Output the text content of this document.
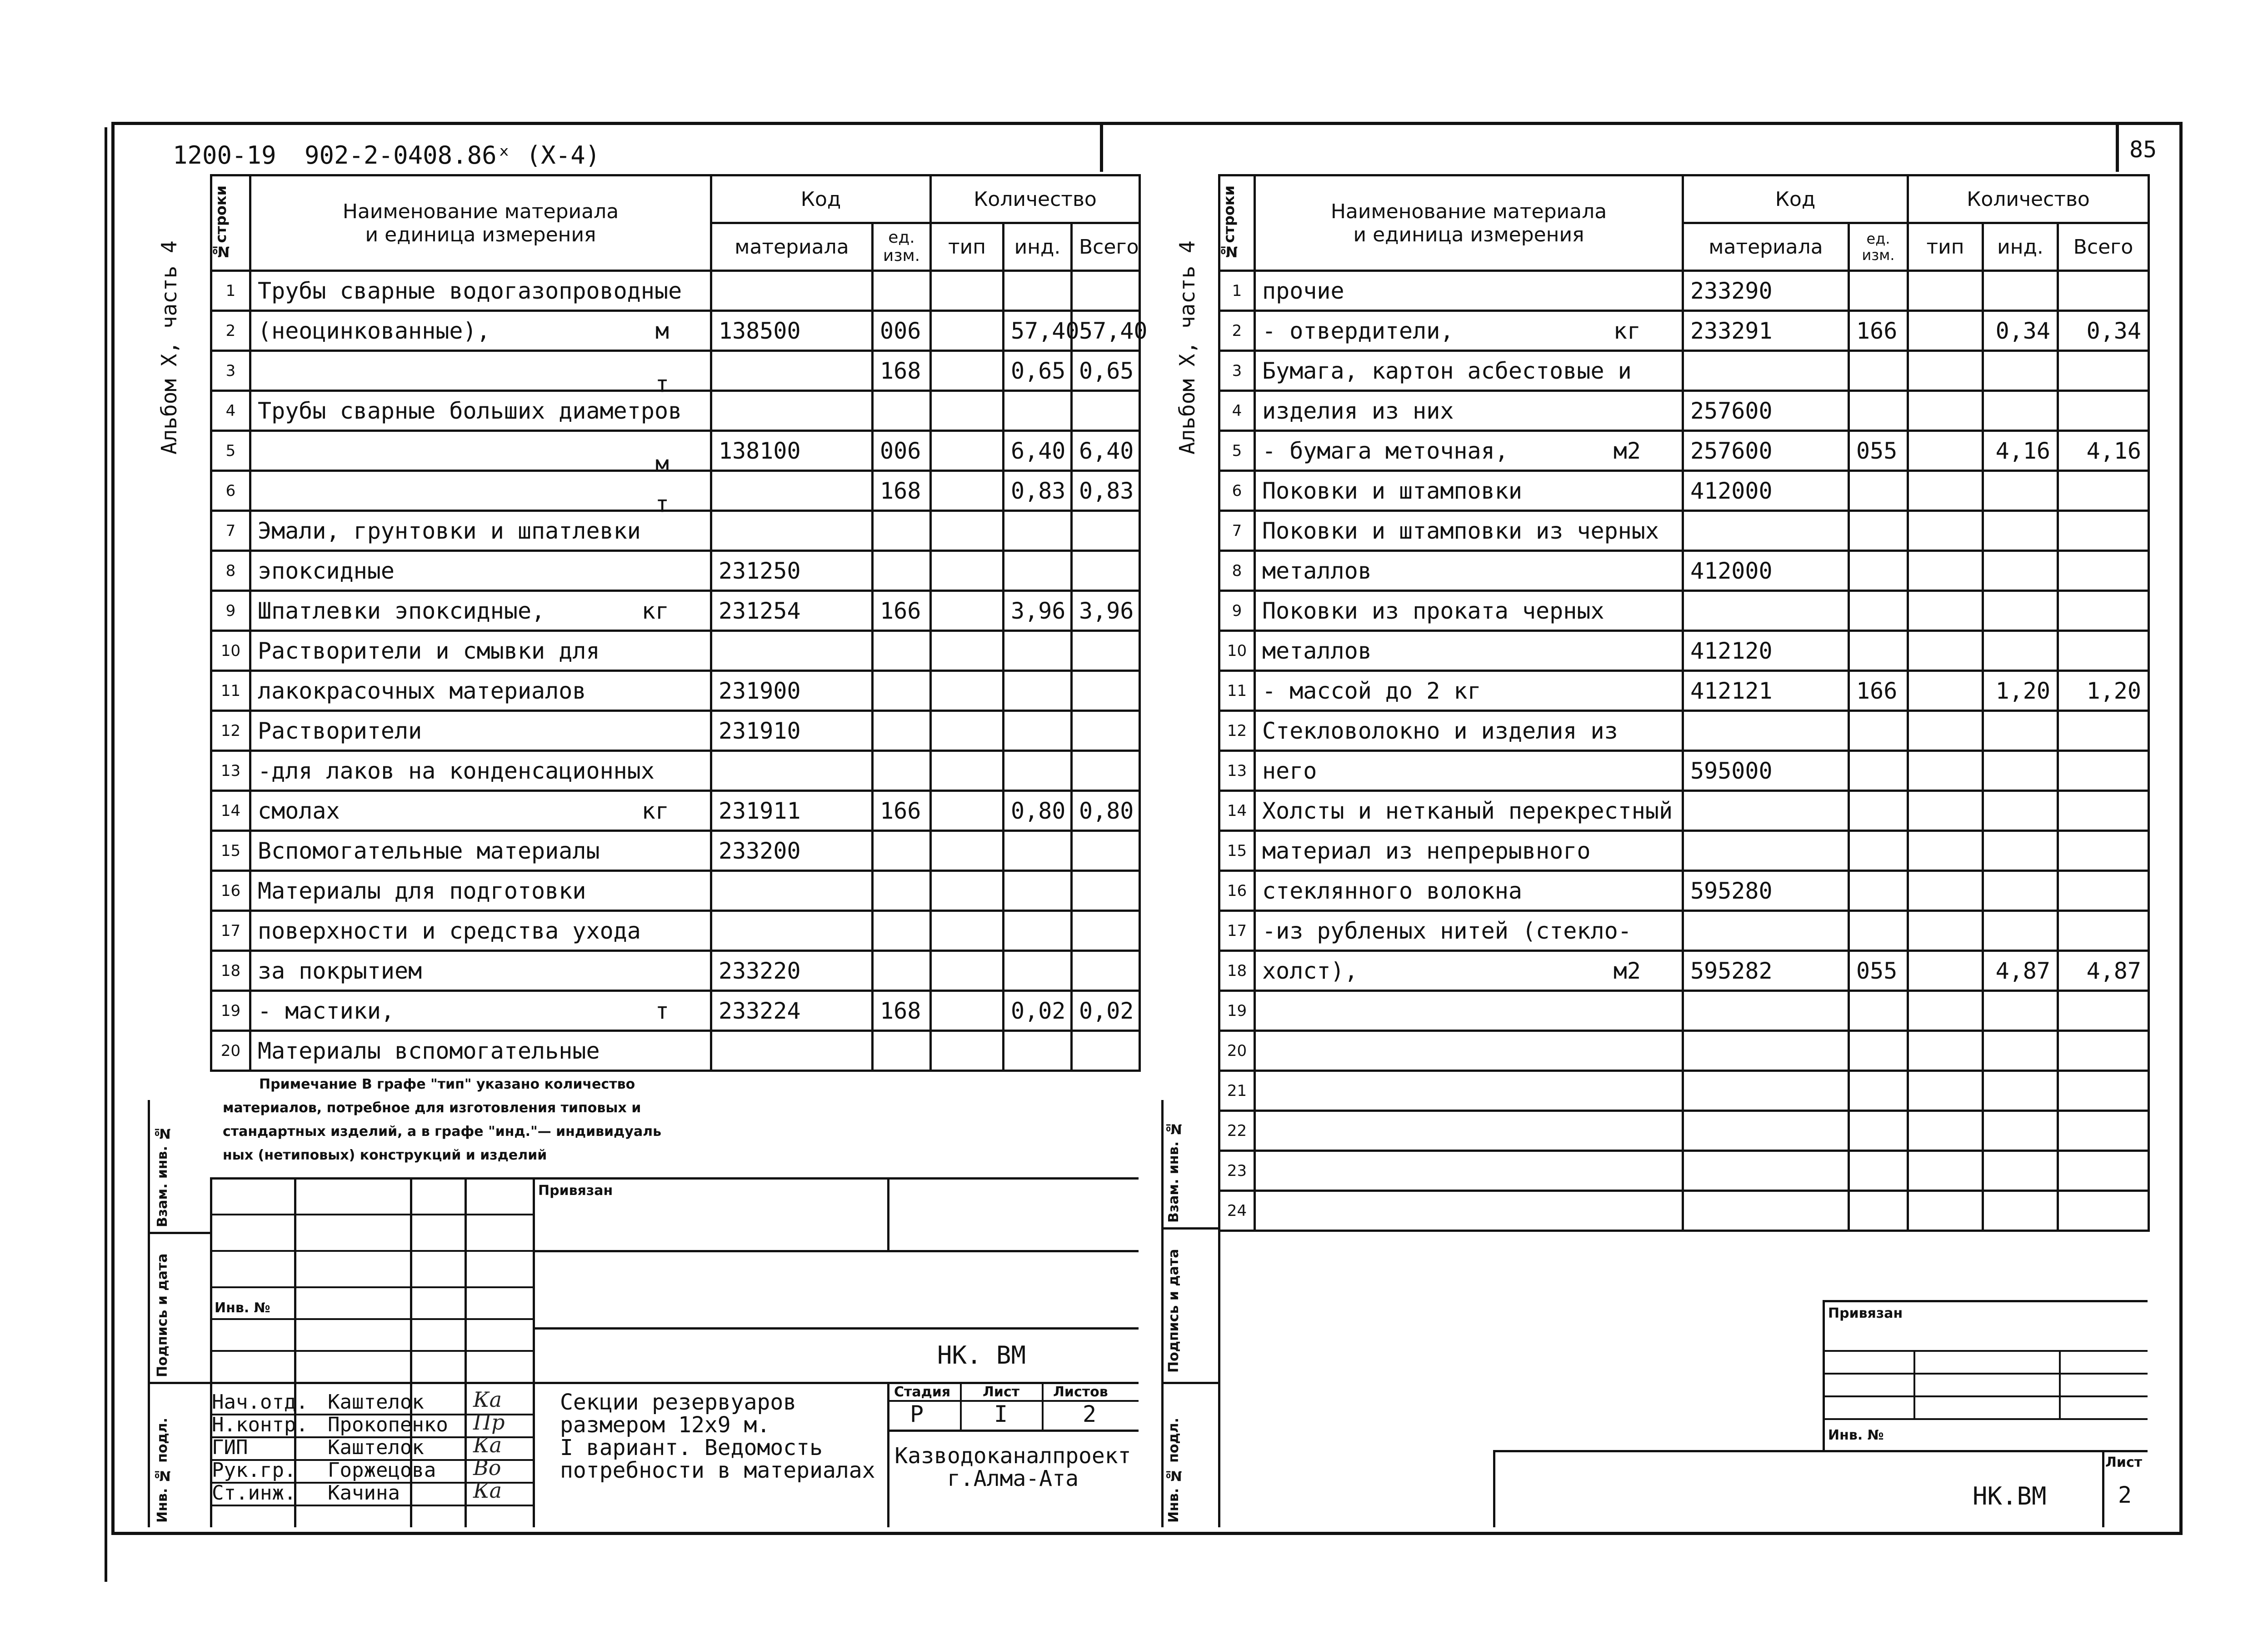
1200-19 902-2-0408.86ˣ (X-4)
Альбом X, часть 4
№строки	Наименование материала
и единица измерения	Код		Количество		
		материала	ед. изм.	тип	инд.	Всего
1	Трубы сварные водогазопроводные

2	(неоцинкованные), м	138500	006		57,40	57,40
3	т		168		0,65	0,65
4	Трубы сварные больших диаметров

5	м	138100	006		6,40	6,40
6	т		168		0,83	0,83
7	Эмали, грунтовки и шпатлевки

8	эпоксидные	231250				
9	Шпатлевки эпоксидные, кг	231254	166		3,96	3,96
10	Растворители и смывки для

11	лакокрасочных материалов	231900				
12	Растворители	231910				
13	-для лаков на конденсационных

14	смолах кг	231911	166		0,80	0,80
15	Вспомогательные материалы	233200				
16	Материалы для подготовки

17	поверхности и средства ухода

18	за покрытием	233220				
19	- мастики, т	233224	168		0,02	0,02
20	Материалы вспомогательные

Взам. инв. №
Подпись и дата
Инв. № подл.
Примечание В графе "тип" указано количество
материалов, потребное для изготовления типовых и
стандартных изделий, а в графе "инд."— индивидуаль
ных (нетиповых) конструкций и изделий
Привязан
Инв. №
НК. ВМ
Нач.отд. Каштелок Ка
Н.контр. Прокопенко Пр
ГИП	Каштелок Ка
Рук.гр. Горжецова Во
Ст.инж. Качина	Ка
Секции резервуаров
размером 12x9 м.
I вариант. Ведомость
потребности в материалах
Стадия Лист Листов
Р	I	2
Казводоканалпроект
г.Алма-Ата
85
Альбом X, часть 4
№строки	Наименование материала
и единица измерения	Код		Количество		
		материала	ед. изм.	тип	инд.	Всего
1	прочие	233290				
2	- отвердители, кг	233291	166		0,34	0,34
3	Бумага, картон асбестовые и

4	изделия из них	257600				
5	- бумага меточная, м2	257600	055		4,16	4,16
6	Поковки и штамповки	412000				
7	Поковки и штамповки из черных

8	металлов	412000				
9	Поковки из проката черных

10	металлов	412120				
11	- массой до 2 кг	412121	166		1,20	1,20
12	Стекловолокно и изделия из

13	него	595000				
14	Холсты и нетканый перекрестный

15	материал из непрерывного

16	стеклянного волокна	595280				
17	-из рубленых нитей (стекло-

18	холст), м2	595282	055		4,87	4,87
19	

20	

21	

22	

23	

24	

Взам. инв. №
Подпись и дата
Инв. № подл.
Привязан
Инв. №
НК.ВМ
Лист
2
